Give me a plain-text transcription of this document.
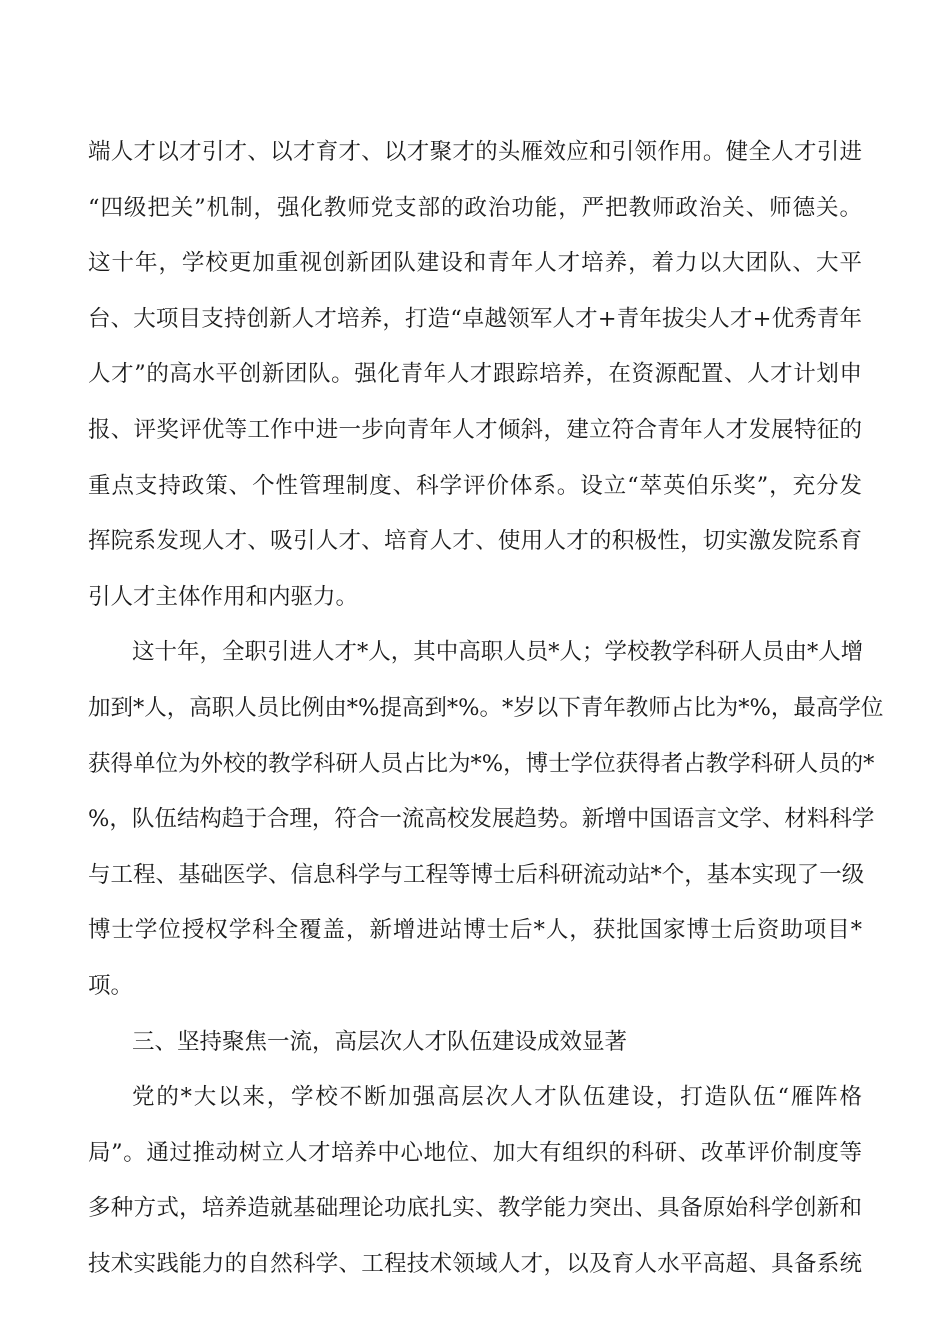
端人才以才引才、以才育才、以才聚才的头雁效应和引领作用。健全人才引进
“四级把关”机制，强化教师党支部的政治功能，严把教师政治关、师德关。
这十年，学校更加重视创新团队建设和青年人才培养，着力以大团队、大平
台、大项目支持创新人才培养，打造“卓越领军人才+青年拔尖人才+优秀青年
人才”的高水平创新团队。强化青年人才跟踪培养，在资源配置、人才计划申
报、评奖评优等工作中进一步向青年人才倾斜，建立符合青年人才发展特征的
重点支持政策、个性管理制度、科学评价体系。设立“萃英伯乐奖”，充分发
挥院系发现人才、吸引人才、培育人才、使用人才的积极性，切实激发院系育
引人才主体作用和内驱力。
这十年，全职引进人才*人，其中高职人员*人；学校教学科研人员由*人增
加到*人，高职人员比例由*%提高到*%。*岁以下青年教师占比为*%，最高学位
获得单位为外校的教学科研人员占比为*%，博士学位获得者占教学科研人员的*
%，队伍结构趋于合理，符合一流高校发展趋势。新增中国语言文学、材料科学
与工程、基础医学、信息科学与工程等博士后科研流动站*个，基本实现了一级
博士学位授权学科全覆盖，新增进站博士后*人，获批国家博士后资助项目*
项。
三、坚持聚焦一流，高层次人才队伍建设成效显著
党的*大以来，学校不断加强高层次人才队伍建设，打造队伍“雁阵格
局”。通过推动树立人才培养中心地位、加大有组织的科研、改革评价制度等
多种方式，培养造就基础理论功底扎实、教学能力突出、具备原始科学创新和
技术实践能力的自然科学、工程技术领域人才，以及育人水平高超、具备系统
